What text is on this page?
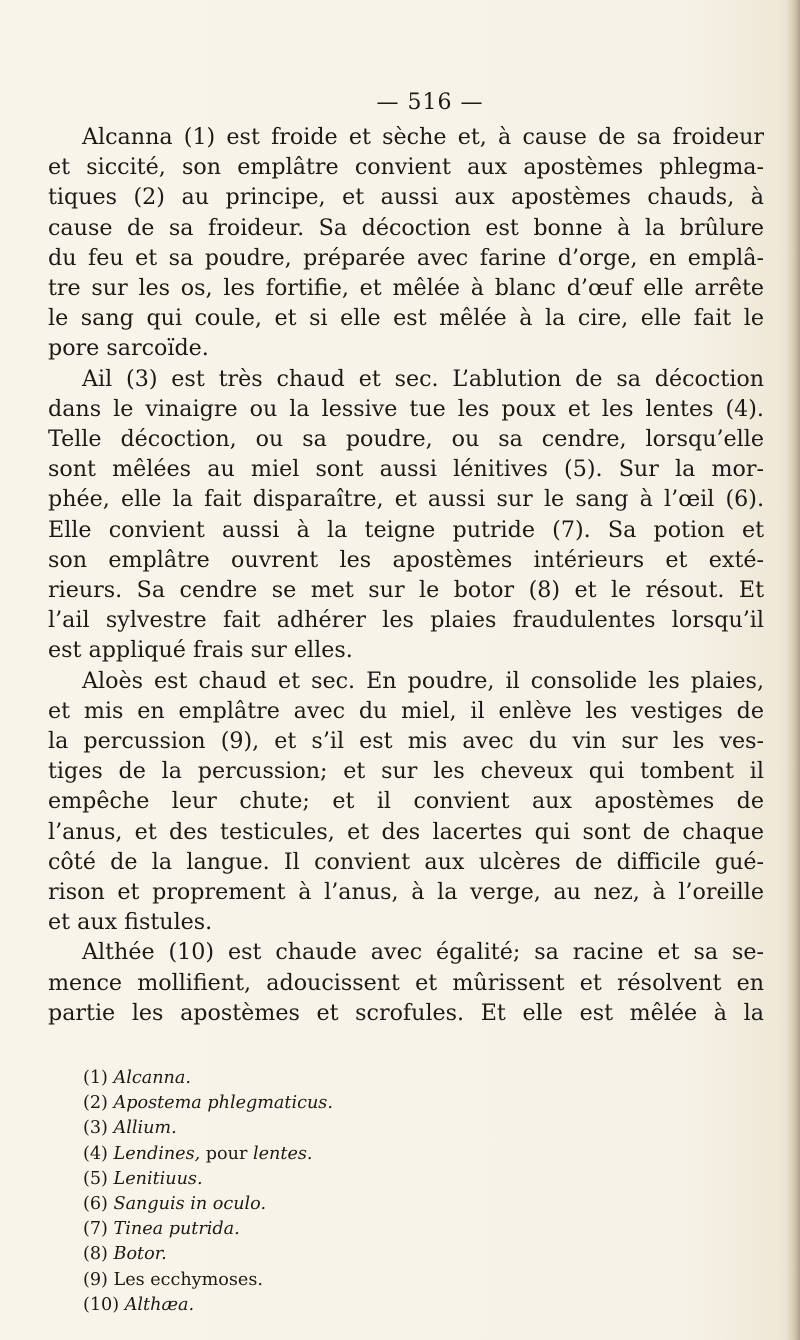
— 516 —
Alcanna (1) est froide et sèche et, à cause de sa froideur
et siccité, son emplâtre convient aux apostèmes phlegma-
tiques (2) au principe, et aussi aux apostèmes chauds, à
cause de sa froideur. Sa décoction est bonne à la brûlure
du feu et sa poudre, préparée avec farine d’orge, en emplâ-
tre sur les os, les fortifie, et mêlée à blanc d’œuf elle arrête
le sang qui coule, et si elle est mêlée à la cire, elle fait le
pore sarcoïde.
Ail (3) est très chaud et sec. L’ablution de sa décoction
dans le vinaigre ou la lessive tue les poux et les lentes (4).
Telle décoction, ou sa poudre, ou sa cendre, lorsqu’elle
sont mêlées au miel sont aussi lénitives (5). Sur la mor-
phée, elle la fait disparaître, et aussi sur le sang à l’œil (6).
Elle convient aussi à la teigne putride (7). Sa potion et
son emplâtre ouvrent les apostèmes intérieurs et exté-
rieurs. Sa cendre se met sur le botor (8) et le résout. Et
l’ail sylvestre fait adhérer les plaies fraudulentes lorsqu’il
est appliqué frais sur elles.
Aloès est chaud et sec. En poudre, il consolide les plaies,
et mis en emplâtre avec du miel, il enlève les vestiges de
la percussion (9), et s’il est mis avec du vin sur les ves-
tiges de la percussion; et sur les cheveux qui tombent il
empêche leur chute; et il convient aux apostèmes de
l’anus, et des testicules, et des lacertes qui sont de chaque
côté de la langue. Il convient aux ulcères de difficile gué-
rison et proprement à l’anus, à la verge, au nez, à l’oreille
et aux fistules.
Althée (10) est chaude avec égalité; sa racine et sa se-
mence mollifient, adoucissent et mûrissent et résolvent en
partie les apostèmes et scrofules. Et elle est mêlée à la
(1) Alcanna.
(2) Apostema phlegmaticus.
(3) Allium.
(4) Lendines, pour lentes.
(5) Lenitiuus.
(6) Sanguis in oculo.
(7) Tinea putrida.
(8) Botor.
(9) Les ecchymoses.
(10) Althæa.
